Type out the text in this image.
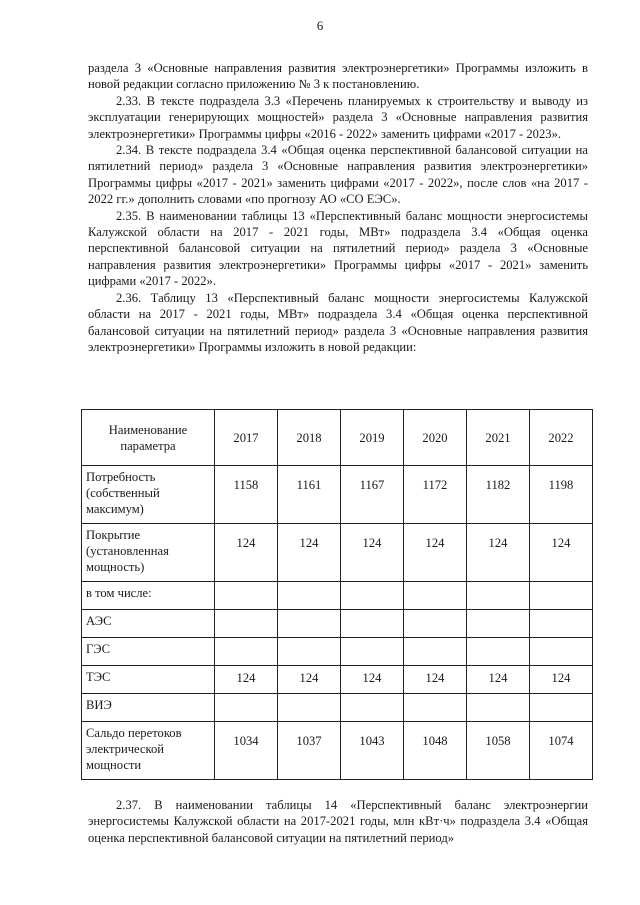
6

раздела 3 «Основные направления развития электроэнергетики» Программы изложить в новой редакции согласно приложению № 3 к постановлению.

2.33. В тексте подраздела 3.3 «Перечень планируемых к строительству и выводу из эксплуатации генерирующих мощностей» раздела 3 «Основные направления развития электроэнергетики» Программы цифры «2016 - 2022» заменить цифрами «2017 - 2023».

2.34. В тексте подраздела 3.4 «Общая оценка перспективной балансовой ситуации на пятилетний период» раздела 3 «Основные направления развития электроэнергетики» Программы цифры «2017 - 2021» заменить цифрами «2017 - 2022», после слов «на 2017 - 2022 гг.» дополнить словами «по прогнозу АО «СО ЕЭС».

2.35. В наименовании таблицы 13 «Перспективный баланс мощности энергосистемы Калужской области на 2017 - 2021 годы, МВт» подраздела 3.4 «Общая оценка перспективной балансовой ситуации на пятилетний период» раздела 3 «Основные направления развития электроэнергетики» Программы цифры «2017 - 2021» заменить цифрами «2017 - 2022».

2.36. Таблицу 13 «Перспективный баланс мощности энергосистемы Калужской области на 2017 - 2021 годы, МВт» подраздела 3.4 «Общая оценка перспективной балансовой ситуации на пятилетний период» раздела 3 «Основные направления развития электроэнергетики» Программы изложить в новой редакции:

Наименование параметра	2017	2018	2019	2020	2021	2022
Потребность (собственный максимум)	1158	1161	1167	1172	1182	1198
Покрытие (установленная мощность)	124	124	124	124	124	124
в том числе:						
АЭС						
ГЭС						
ТЭС	124	124	124	124	124	124
ВИЭ						
Сальдо перетоков электрической мощности	1034	1037	1043	1048	1058	1074

2.37. В наименовании таблицы 14 «Перспективный баланс электроэнергии энергосистемы Калужской области на 2017-2021 годы, млн кВт·ч» подраздела 3.4 «Общая оценка перспективной балансовой ситуации на пятилетний период»
